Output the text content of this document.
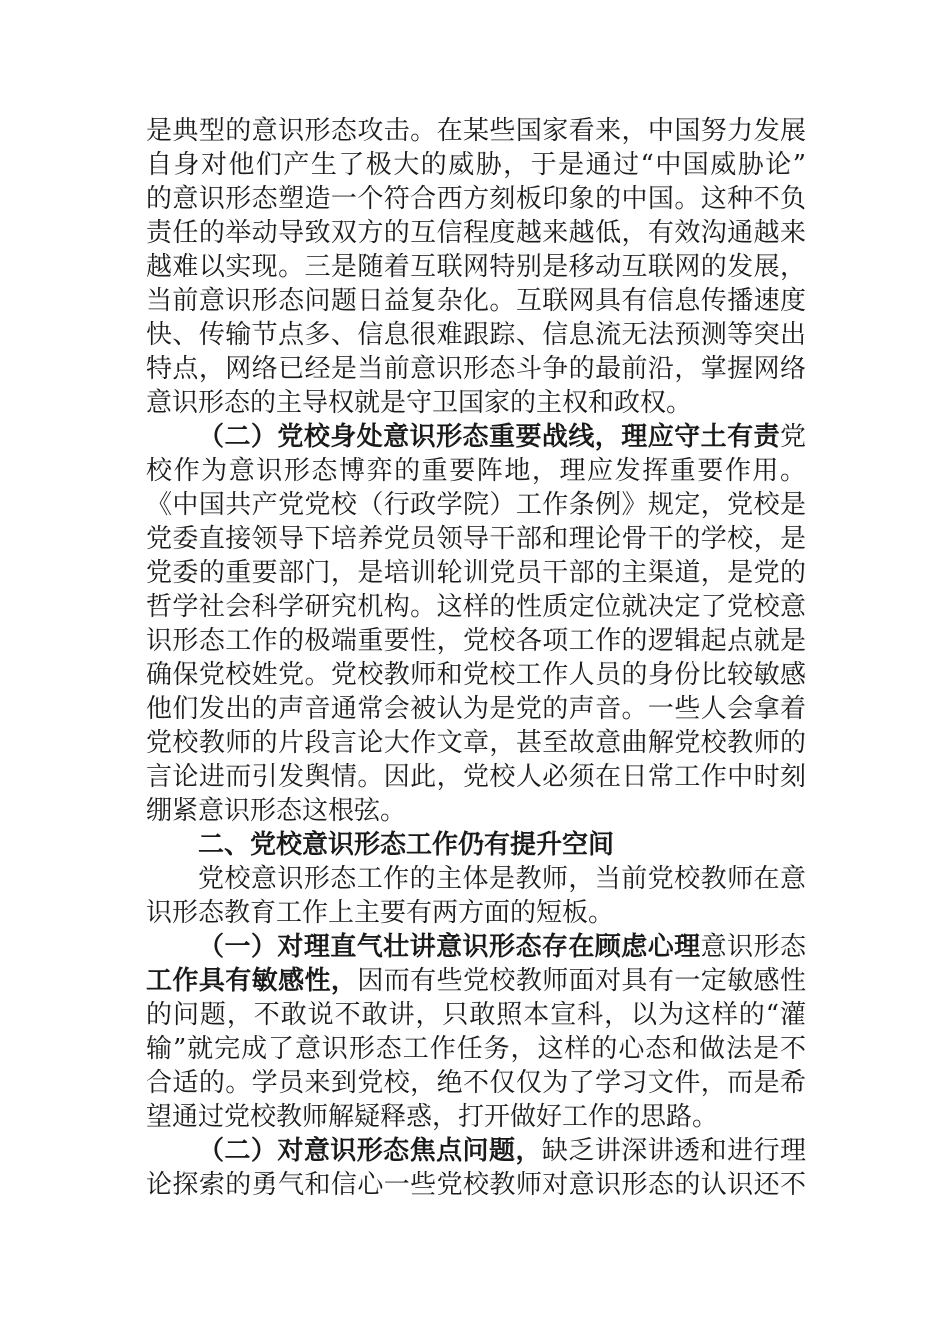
是典型的意识形态攻击。在某些国家看来，中国努力发展
自身对他们产生了极大的威胁，于是通过“中国威胁论”
的意识形态塑造一个符合西方刻板印象的中国。这种不负
责任的举动导致双方的互信程度越来越低，有效沟通越来
越难以实现。三是随着互联网特别是移动互联网的发展，
当前意识形态问题日益复杂化。互联网具有信息传播速度
快、传输节点多、信息很难跟踪、信息流无法预测等突出
特点，网络已经是当前意识形态斗争的最前沿，掌握网络
意识形态的主导权就是守卫国家的主权和政权。
（二）党校身处意识形态重要战线，理应守土有责党
校作为意识形态博弈的重要阵地，理应发挥重要作用。
《中国共产党党校（行政学院）工作条例》规定，党校是
党委直接领导下培养党员领导干部和理论骨干的学校，是
党委的重要部门，是培训轮训党员干部的主渠道，是党的
哲学社会科学研究机构。这样的性质定位就决定了党校意
识形态工作的极端重要性，党校各项工作的逻辑起点就是
确保党校姓党。党校教师和党校工作人员的身份比较敏感
他们发出的声音通常会被认为是党的声音。一些人会拿着
党校教师的片段言论大作文章，甚至故意曲解党校教师的
言论进而引发舆情。因此，党校人必须在日常工作中时刻
绷紧意识形态这根弦。
二、党校意识形态工作仍有提升空间
党校意识形态工作的主体是教师，当前党校教师在意
识形态教育工作上主要有两方面的短板。
（一）对理直气壮讲意识形态存在顾虑心理意识形态
工作具有敏感性，因而有些党校教师面对具有一定敏感性
的问题，不敢说不敢讲，只敢照本宣科，以为这样的“灌
输”就完成了意识形态工作任务，这样的心态和做法是不
合适的。学员来到党校，绝不仅仅为了学习文件，而是希
望通过党校教师解疑释惑，打开做好工作的思路。
（二）对意识形态焦点问题，缺乏讲深讲透和进行理
论探索的勇气和信心一些党校教师对意识形态的认识还不
